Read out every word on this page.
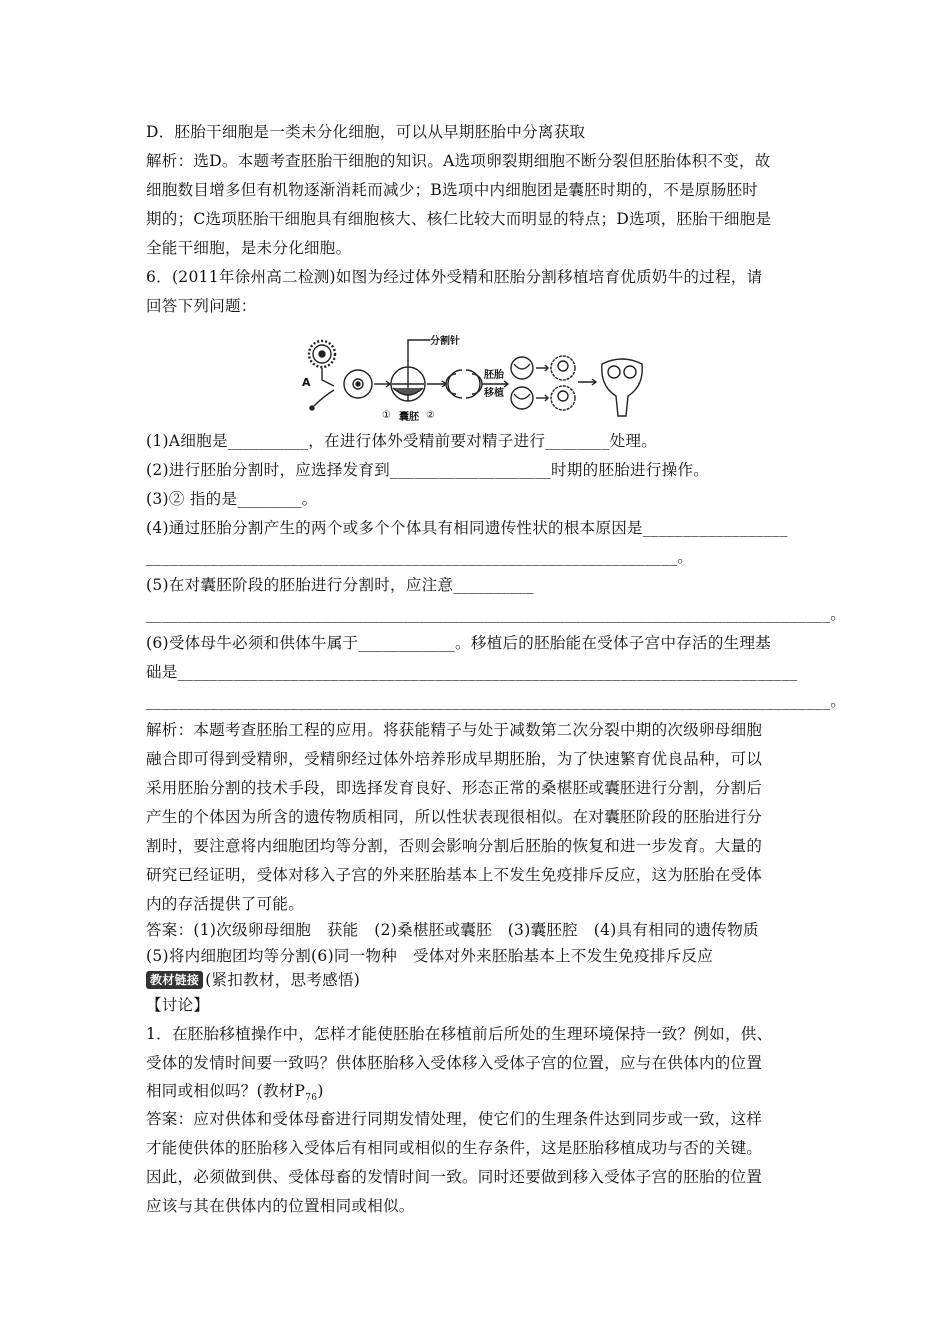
D．胚胎干细胞是一类未分化细胞，可以从早期胚胎中分离获取
解析：选D。本题考查胚胎干细胞的知识。A选项卵裂期细胞不断分裂但胚胎体积不变，故
细胞数目增多但有机物逐渐消耗而减少；B选项中内细胞团是囊胚时期的，不是原肠胚时
期的；C选项胚胎干细胞具有细胞核大、核仁比较大而明显的特点；D选项，胚胎干细胞是
全能干细胞，是未分化细胞。
6．(2011年徐州高二检测)如图为经过体外受精和胚胎分割移植培育优质奶牛的过程，请
回答下列问题：
A
分割针
① 囊胚 ②
胚胎
移植
(1)A细胞是__________，在进行体外受精前要对精子进行________处理。
(2)进行胚胎分割时，应选择发育到____________________时期的胚胎进行操作。
(3)② 指的是________。
(4)通过胚胎分割产生的两个或多个个体具有相同遗传性状的根本原因是__________________
__________________________________________________________________。
(5)在对囊胚阶段的胚胎进行分割时，应注意__________
_____________________________________________________________________________________。
(6)受体母牛必须和供体牛属于____________。移植后的胚胎能在受体子宫中存活的生理基
础是_____________________________________________________________________________
_____________________________________________________________________________________。
解析：本题考查胚胎工程的应用。将获能精子与处于减数第二次分裂中期的次级卵母细胞
融合即可得到受精卵，受精卵经过体外培养形成早期胚胎，为了快速繁育优良品种，可以
采用胚胎分割的技术手段，即选择发育良好、形态正常的桑椹胚或囊胚进行分割，分割后
产生的个体因为所含的遗传物质相同，所以性状表现很相似。在对囊胚阶段的胚胎进行分
割时，要注意将内细胞团均等分割，否则会影响分割后胚胎的恢复和进一步发育。大量的
研究已经证明，受体对移入子宫的外来胚胎基本上不发生免疫排斥反应，这为胚胎在受体
内的存活提供了可能。
答案：(1)次级卵母细胞　获能　(2)桑椹胚或囊胚　(3)囊胚腔　(4)具有相同的遗传物质
(5)将内细胞团均等分割(6)同一物种　受体对外来胚胎基本上不发生免疫排斥反应
教材链接 (紧扣教材，思考感悟)
【讨论】
1．在胚胎移植操作中，怎样才能使胚胎在移植前后所处的生理环境保持一致？例如，供、
受体的发情时间要一致吗？供体胚胎移入受体移入受体子宫的位置，应与在供体内的位置
相同或相似吗？(教材$P_{76}$)
答案：应对供体和受体母畜进行同期发情处理，使它们的生理条件达到同步或一致，这样
才能使供体的胚胎移入受体后有相同或相似的生存条件，这是胚胎移植成功与否的关键。
因此，必须做到供、受体母畜的发情时间一致。同时还要做到移入受体子宫的胚胎的位置
应该与其在供体内的位置相同或相似。
